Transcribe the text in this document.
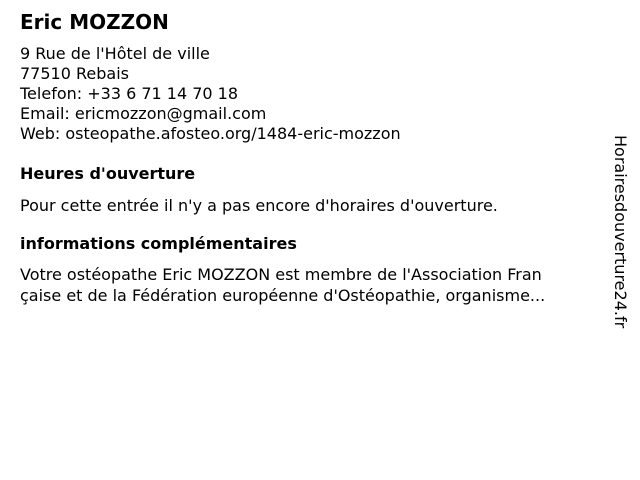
Eric MOZZON
9 Rue de l'Hôtel de ville
77510 Rebais
Telefon: +33 6 71 14 70 18
Email: ericmozzon@gmail.com
Web: osteopathe.afosteo.org/1484-eric-mozzon
Heures d'ouverture
Pour cette entrée il n'y a pas encore d'horaires d'ouverture.
informations complémentaires
Votre ostéopathe Eric MOZZON est membre de l'Association Fran
çaise et de la Fédération européenne d'Ostéopathie, organisme...	Horairesdouverture24.fr
